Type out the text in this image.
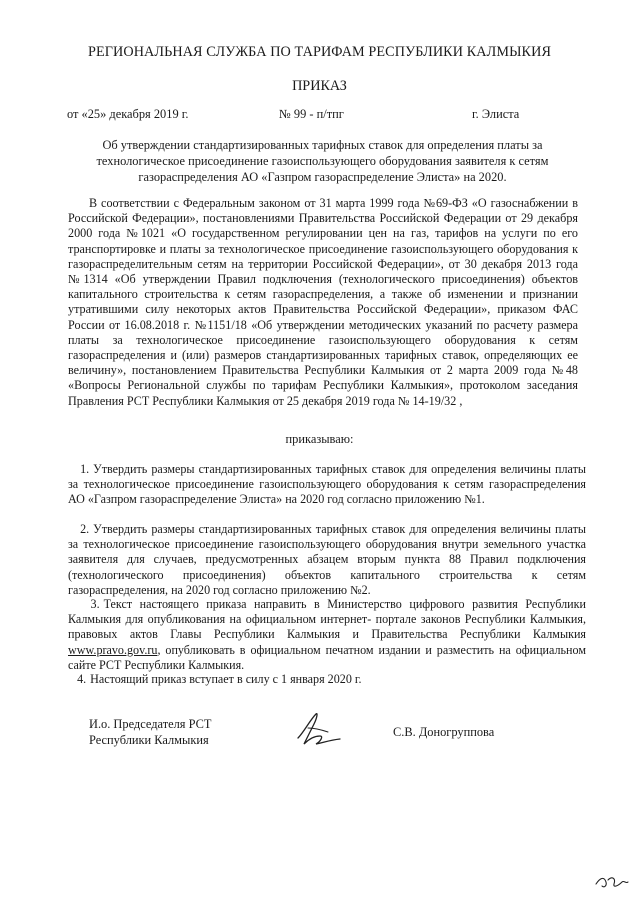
РЕГИОНАЛЬНАЯ СЛУЖБА ПО ТАРИФАМ РЕСПУБЛИКИ КАЛМЫКИЯ
ПРИКАЗ
от «25» декабря 2019 г.	№ 99 - п/тпг	г. Элиста
Об утверждении стандартизированных тарифных ставок для определения платы за технологическое присоединение газоиспользующего оборудования заявителя к сетям газораспределения АО «Газпром газораспределение Элиста» на 2020.
В соответствии с Федеральным законом от 31 марта 1999 года №69-ФЗ «О газоснабжении в Российской Федерации», постановлениями Правительства Российской Федерации от 29 декабря 2000 года №1021 «О государственном регулировании цен на газ, тарифов на услуги по его транспортировке и платы за технологическое присоединение газоиспользующего оборудования к газораспределительным сетям на территории Российской Федерации», от 30 декабря 2013 года №1314 «Об утверждении Правил подключения (технологического присоединения) объектов капитального строительства к сетям газораспределения, а также об изменении и признании утратившими силу некоторых актов Правительства Российской Федерации», приказом ФАС России от 16.08.2018 г. №1151/18 «Об утверждении методических указаний по расчету размера платы за технологическое присоединение газоиспользующего оборудования к сетям газораспределения и (или) размеров стандартизированных тарифных ставок, определяющих ее величину», постановлением Правительства Республики Калмыкия от 2 марта 2009 года №48 «Вопросы Региональной службы по тарифам Республики Калмыкия», протоколом заседания Правления РСТ Республики Калмыкия от 25 декабря 2019 года № 14-19/32 ,
приказываю:
1. Утвердить размеры стандартизированных тарифных ставок для определения величины платы за технологическое присоединение газоиспользующего оборудования к сетям газораспределения АО «Газпром газораспределение Элиста» на 2020 год согласно приложению №1.
2. Утвердить размеры стандартизированных тарифных ставок для определения величины платы за технологическое присоединение газоиспользующего оборудования внутри земельного участка заявителя для случаев, предусмотренных абзацем вторым пункта 88 Правил подключения (технологического присоединения) объектов капитального строительства к сетям газораспределения, на 2020 год согласно приложению №2.
3. Текст настоящего приказа направить в Министерство цифрового развития Республики Калмыкия для опубликования на официальном интернет- портале законов Республики Калмыкия, правовых актов Главы Республики Калмыкия и Правительства Республики Калмыкия www.pravo.gov.ru, опубликовать в официальном печатном издании и разместить на официальном сайте РСТ Республики Калмыкия.
4. Настоящий приказ вступает в силу с 1 января 2020 г.
И.о. Председателя РСТ
Республики Калмыкия
С.В. Доногруппова
